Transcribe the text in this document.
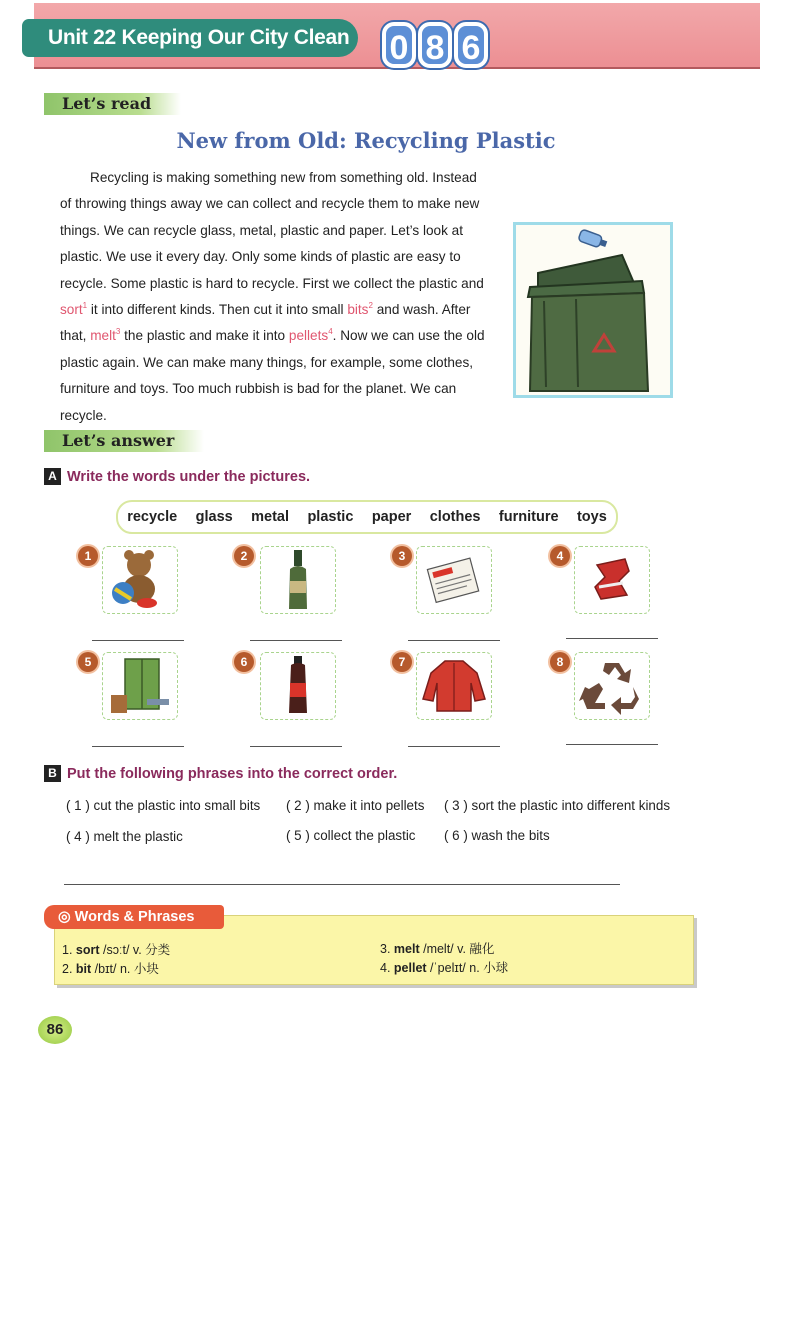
Unit 22 Keeping Our City Clean 0 8 6
Let’s read
New from Old: Recycling Plastic

Recycling is making something new from something old. Instead of throwing things away we can collect and recycle them to make new things. We can recycle glass, metal, plastic and paper. Let’s look at plastic. We use it every day. Only some kinds of plastic are easy to recycle. Some plastic is hard to recycle. First we collect the plastic and sort$^1$ it into different kinds. Then cut it into small bits$^2$ and wash. After that, melt$^3$ the plastic and make it into pellets$^4$. Now we can use the old plastic again. We can make many things, for example, some clothes, furniture and toys. Too much rubbish is bad for the planet. We can recycle.

Let’s answer
A Write the words under the pictures.
recycle glass metal plastic paper clothes furniture toys
1	2	3	4
5	6	7	8
B Put the following phrases into the correct order.
( 1 ) cut the plastic into small bits ( 2 ) make it into pellets ( 3 ) sort the plastic into different kinds
( 4 ) melt the plastic	( 5 ) collect the plastic ( 6 ) wash the bits
◎ Words & Phrases
1. sort /sɔːt/ v. 分类
2. bit /bɪt/ n. 小块
3. melt /melt/ v. 融化
4. pellet /ˈpelɪt/ n. 小球
86
